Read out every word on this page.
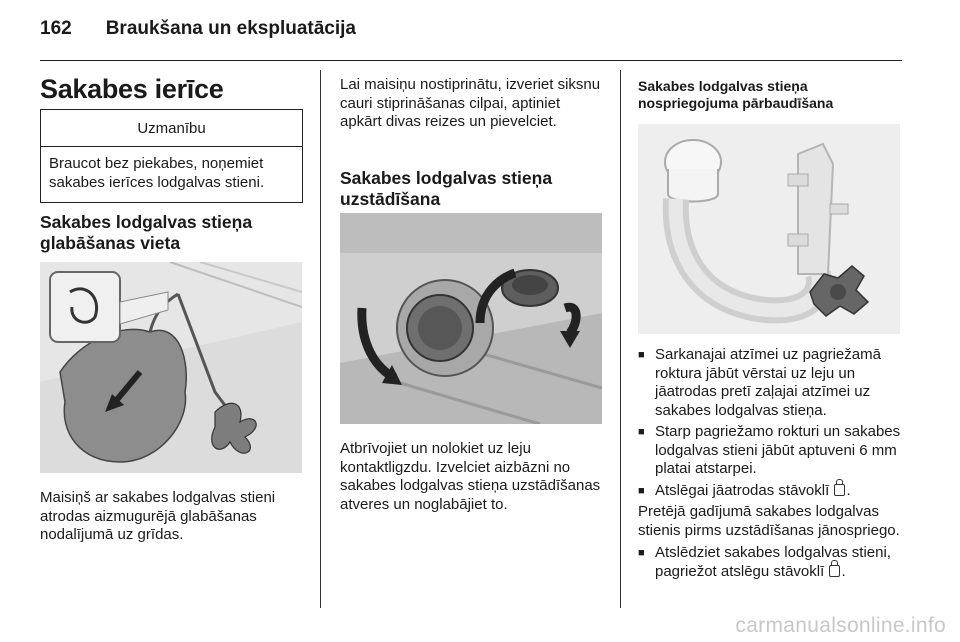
162 Braukšana un ekspluatācija
Sakabes ierīce
Uzmanību
Braucot bez piekabes, noņemiet sakabes ierīces lodgalvas stieni.
Sakabes lodgalvas stieņa glabāšanas vieta

Maisiņš ar sakabes lodgalvas stieni atrodas aizmugurējā glabāšanas nodalījumā uz grīdas.

Lai maisiņu nostiprinātu, izveriet siksnu cauri stiprināšanas cilpai, aptiniet apkārt divas reizes un pievelciet.

Sakabes lodgalvas stieņa uzstādīšana

Atbrīvojiet un nolokiet uz leju kontaktligzdu. Izvelciet aizbāzni no sakabes lodgalvas stieņa uzstādīšanas atveres un noglabājiet to.

Sakabes lodgalvas stieņa nospriegojuma pārbaudīšana
■ Sarkanajai atzīmei uz pagriežamā roktura jābūt vērstai uz leju un jāatrodas pretī zaļajai atzīmei uz sakabes lodgalvas stieņa.
■ Starp pagriežamo rokturi un sakabes lodgalvas stieni jābūt aptuveni 6 mm platai atstarpei.
■ Atslēgai jāatrodas stāvoklī .

Pretējā gadījumā sakabes lodgalvas stienis pirms uzstādīšanas jānospriego.

■ Atslēdziet sakabes lodgalvas stieni, pagriežot atslēgu stāvoklī .
carmanualsonline.info
